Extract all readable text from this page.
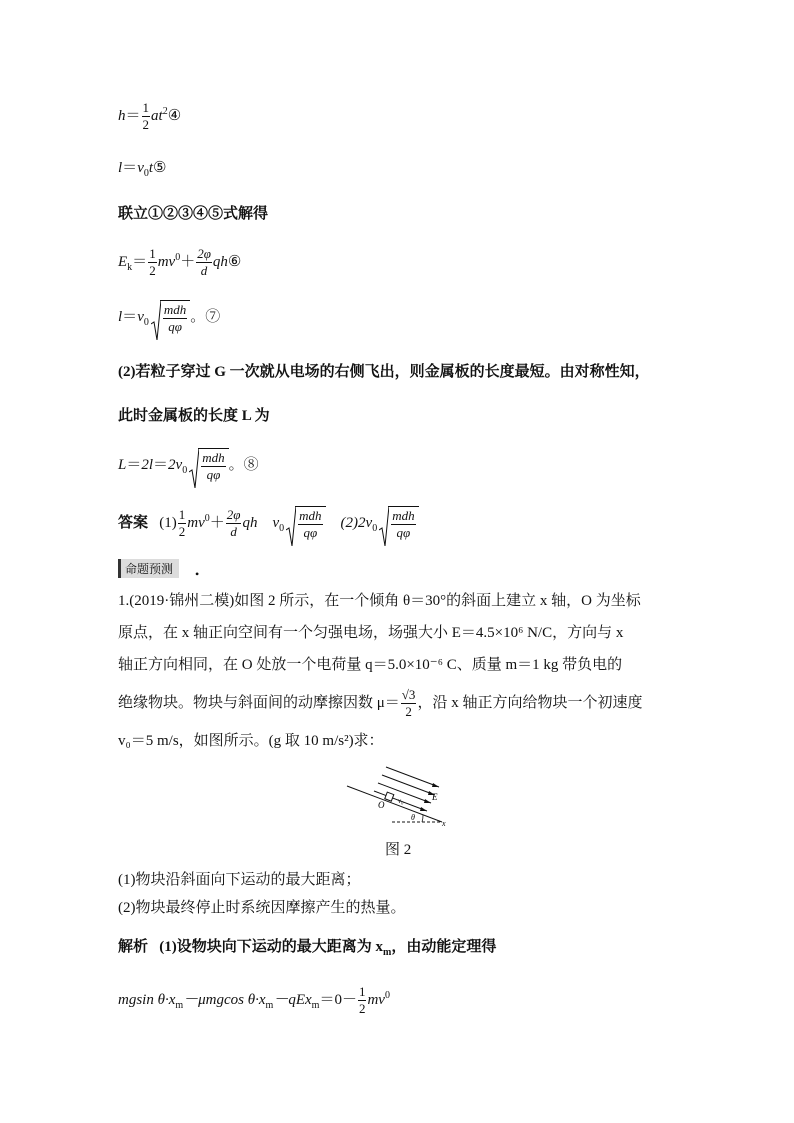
$h= \frac{1}{2}$ $at^2④$
$l=v_0t⑤$
联立①②③④⑤式解得
$E_k= \frac{1}{2} mv^0+ \frac{2\varphi}{d}$ qh⑥
$l=v_0 \frac{\text{mdh}}{q\varphi}$ 。⑦
(2)若粒子穿过 G 一次就从电场的右侧飞出，则金属板的长度最短。由对称性知，
此时金属板的长度 L 为
$L=2l=2v_0 \frac{\text{mdh}}{q\varphi}$ 。⑧
答案 $(1) \frac{1}{2} mv^0+ \frac{2\varphi}{d}$ qh $v_0 \frac{\text{mdh}}{q\varphi} (2)2v_0 \frac{\text{mdh}}{q\varphi}$
命题预测	•
1.(2019·锦州二模)如图 2 所示，在一个倾角 θ＝30°的斜面上建立 x 轴，O 为坐标
原点，在 x 轴正向空间有一个匀强电场，场强大小 E＝4.5×10⁶ N/C，方向与 x
轴正方向相同，在 O 处放一个电荷量 q＝5.0×10⁻⁶ C、质量 m＝1 kg 带负电的
绝缘物块。物块与斜面间的动摩擦因数 $\mu= \frac{√3}{2}$ ，沿 x 轴正方向给物块一个初速度
v₀＝5 m/s，如图所示。(g 取 10 m/s²)求：
O v₀	E
θ
x
图 2
(1)物块沿斜面向下运动的最大距离；
(2)物块最终停止时系统因摩擦产生的热量。
解析 (1)设物块向下运动的最大距离为 $x_m$，由动能定理得
mgsin $\theta\cdot x_m-\mu mgcos$ $\theta\cdot x_m-qEx_m=0- \frac{1}{2} mv^0$
